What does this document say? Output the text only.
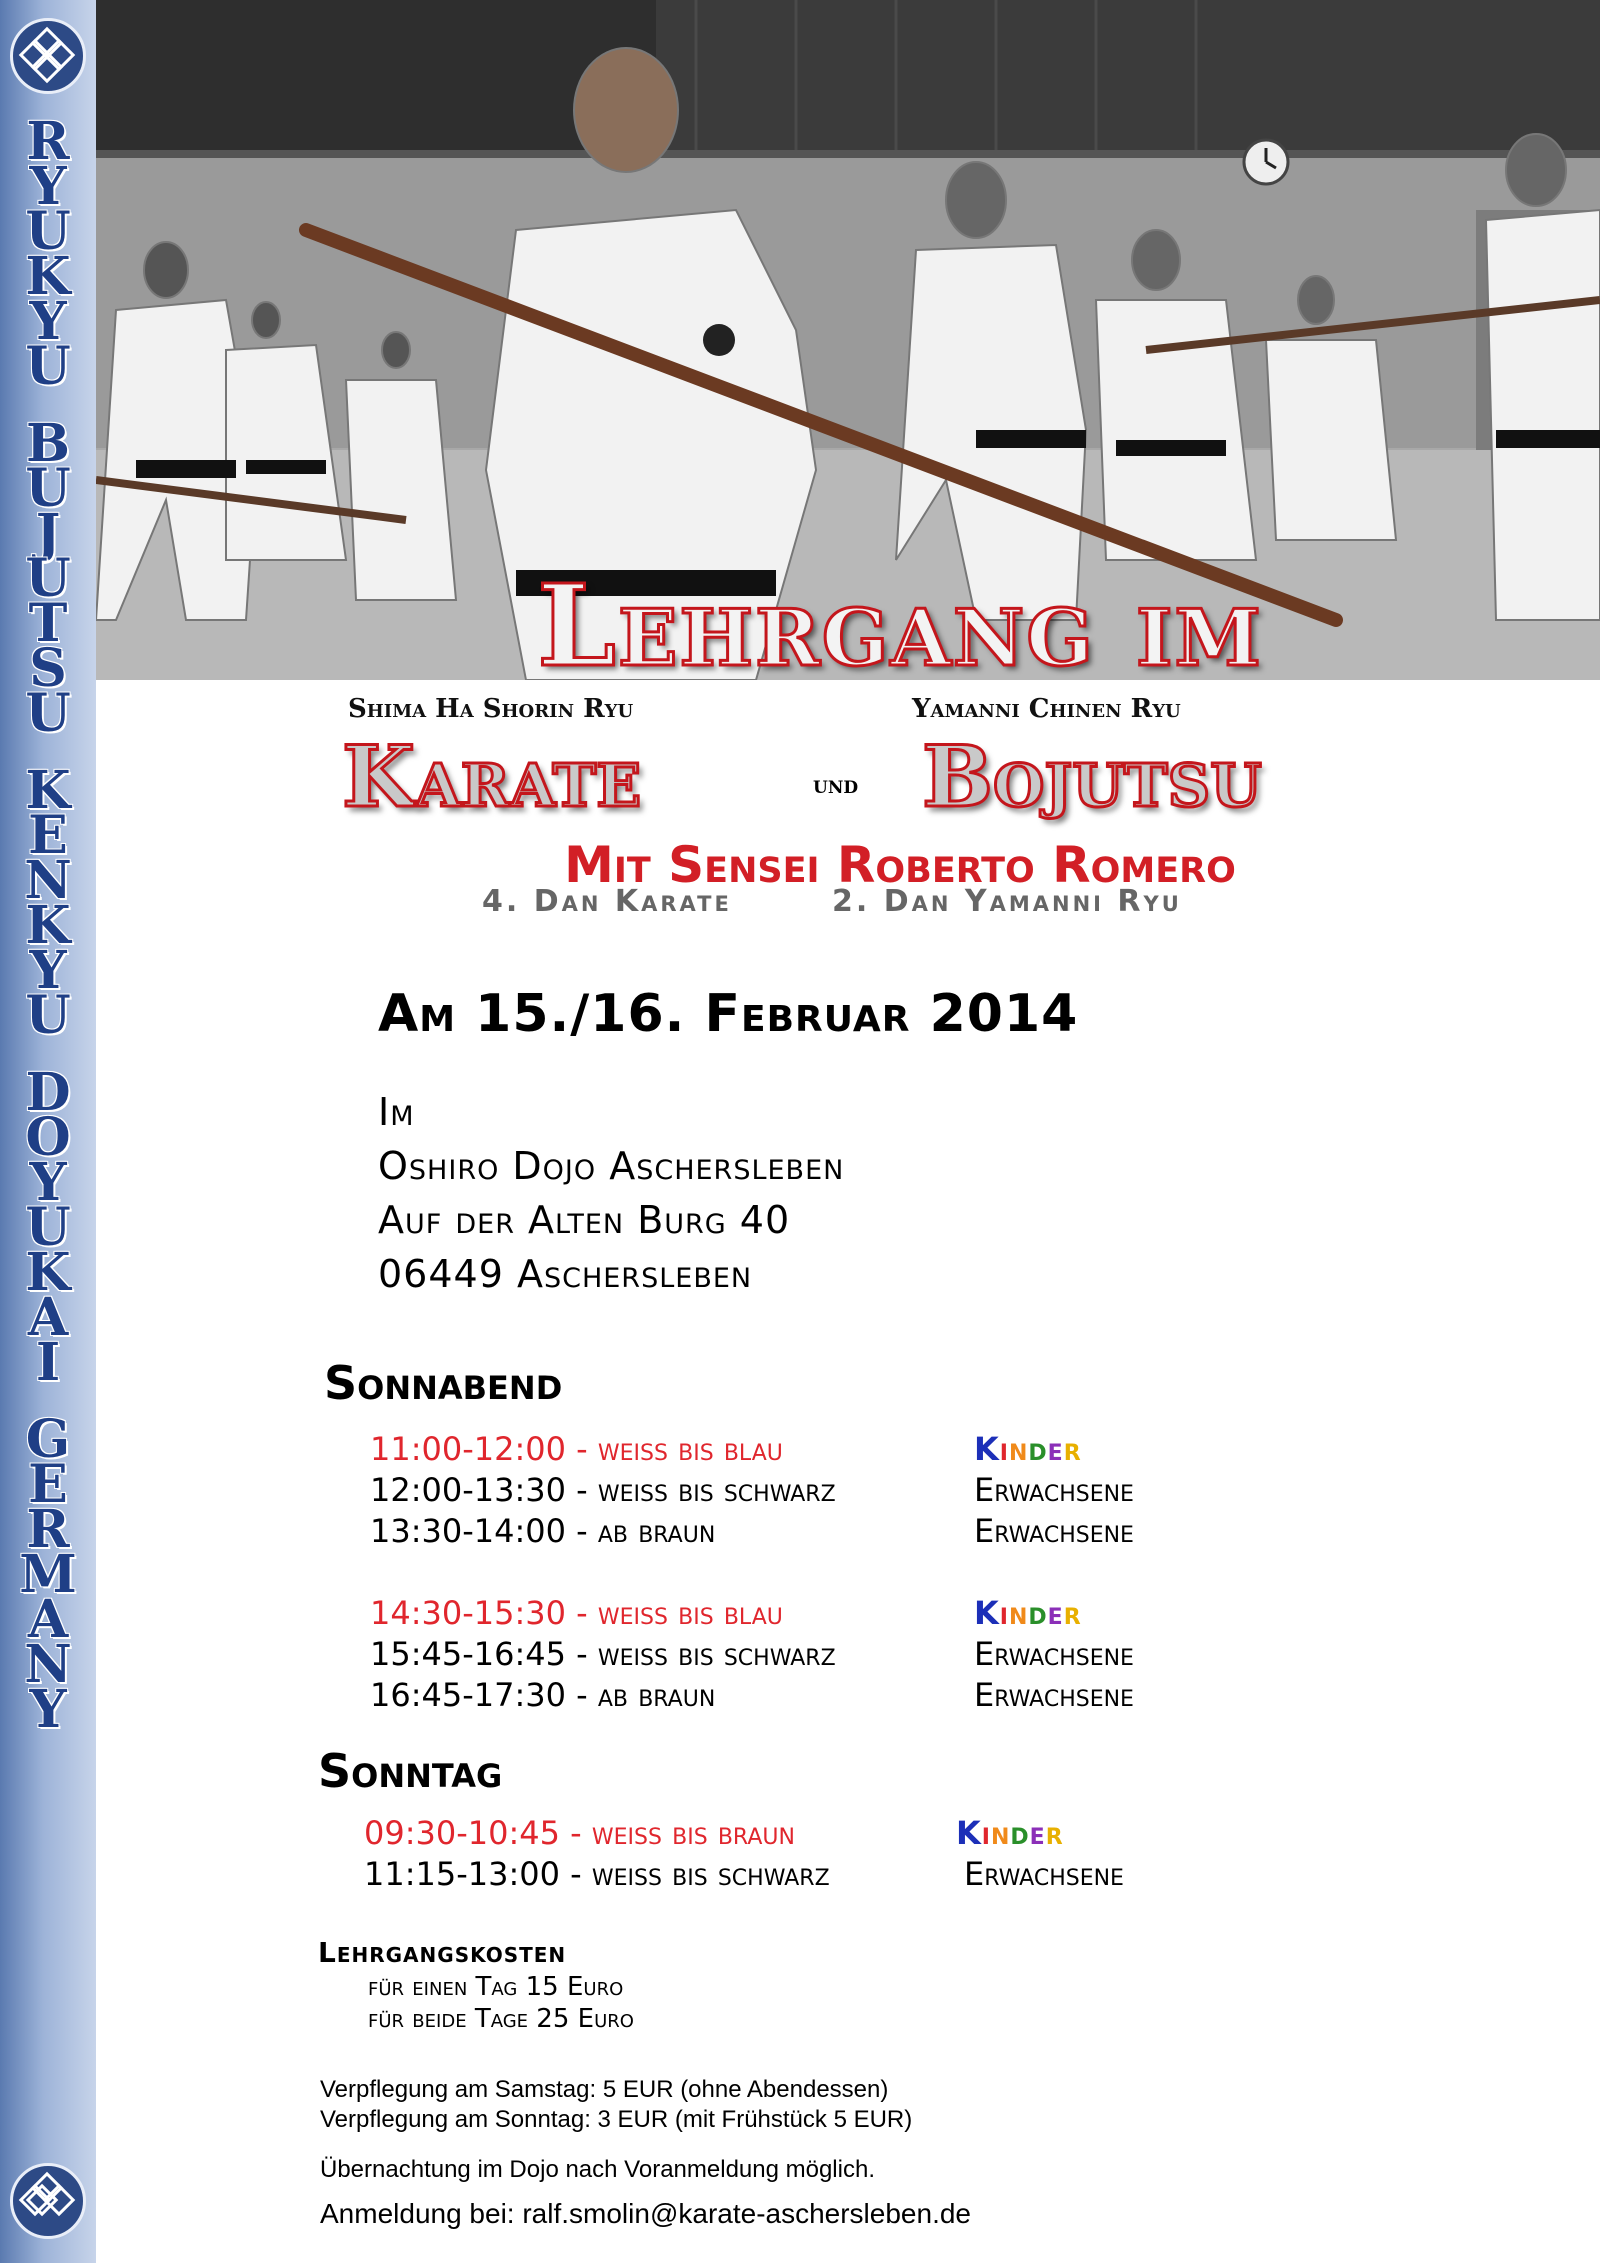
R
Y
U
K
Y
U
B
U
J
U
T
S
U
K
E
N
K
Y
U
D
O
Y
U
K
A
I
G
E
R
M
A
N
Y
Lehrgang im
Shima Ha Shorin Ryu	Yamanni Chinen Ryu
Karate	und Bojutsu
Mit Sensei Roberto Romero
4. Dan Karate	2. Dan Yamanni Ryu
Am 15./16. Februar 2014
Im
Oshiro Dojo Aschersleben
Auf der Alten Burg 40
06449 Aschersleben
Sonnabend
11:00-12:00 - weiß bis blau	Kinder
12:00-13:30 - weiß bis schwarz	Erwachsene
13:30-14:00 - ab braun	Erwachsene
14:30-15:30 - weiß bis blau	Kinder
15:45-16:45 - weiß bis schwarz	Erwachsene
16:45-17:30 - ab braun	Erwachsene
Sonntag
09:30-10:45 - weiß bis braun	Kinder
11:15-13:00 - weiß bis schwarz	Erwachsene
Lehrgangskosten
für einen Tag 15 Euro
für beide Tage 25 Euro
Verpflegung am Samstag: 5 EUR (ohne Abendessen)
Verpflegung am Sonntag: 3 EUR (mit Frühstück 5 EUR)
Übernachtung im Dojo nach Voranmeldung möglich.
Anmeldung bei: ralf.smolin@karate-aschersleben.de
